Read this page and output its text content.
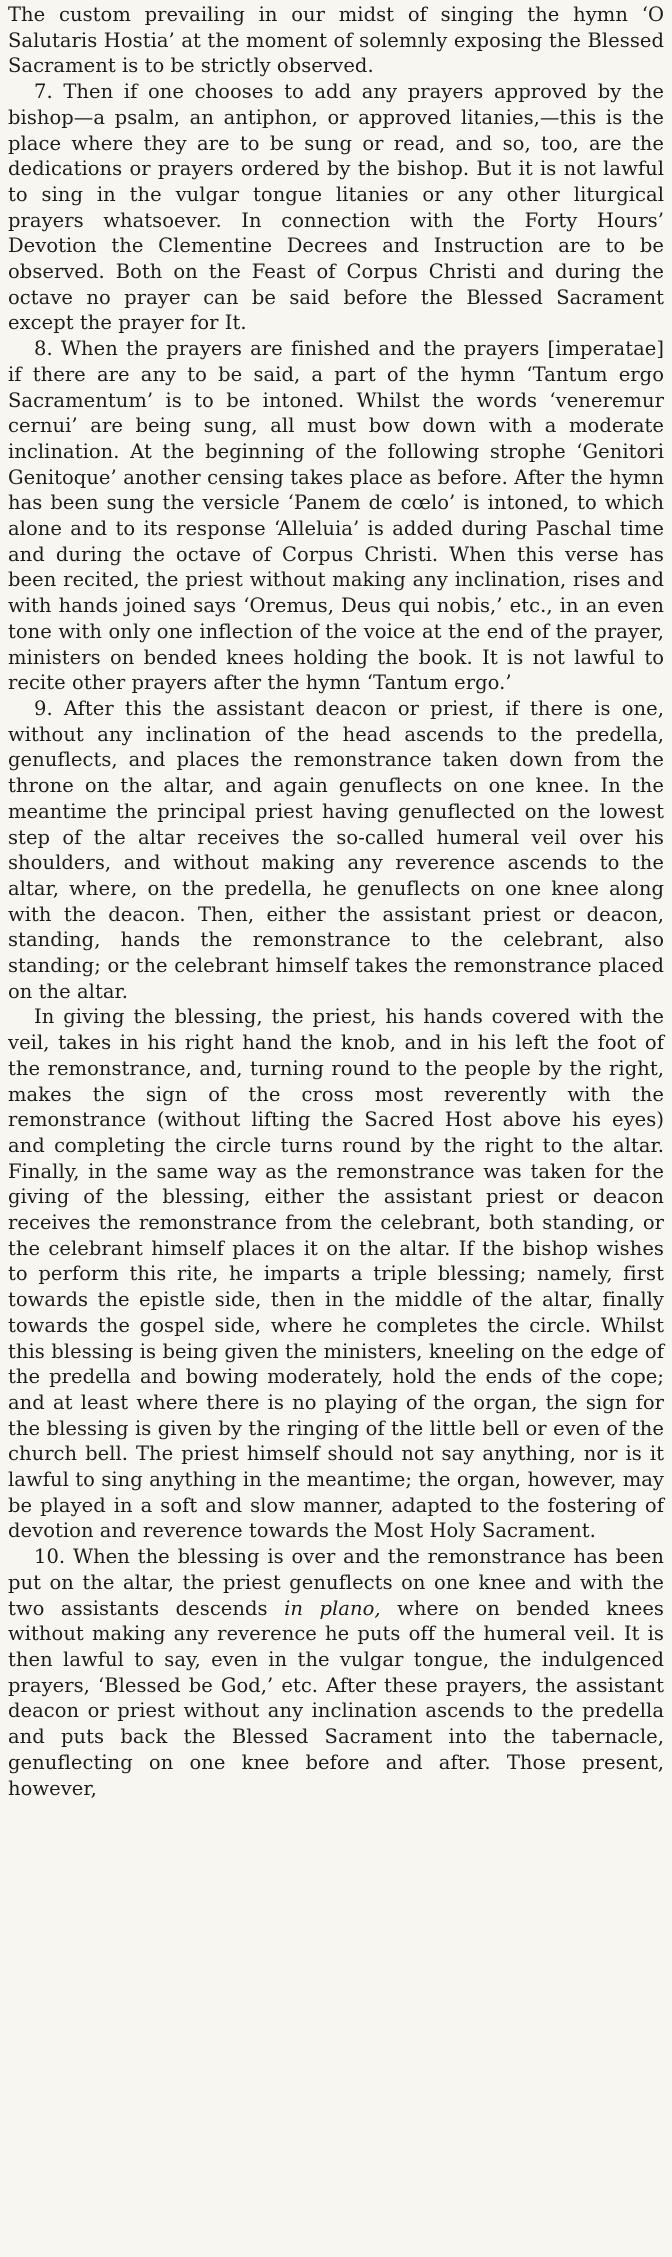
The custom prevailing in our midst of singing the hymn ‘O Salutaris Hostia’ at the moment of solemnly exposing the Blessed Sacrament is to be strictly observed.

7. Then if one chooses to add any prayers approved by the bishop—a psalm, an antiphon, or approved litanies,—this is the place where they are to be sung or read, and so, too, are the dedications or prayers ordered by the bishop. But it is not lawful to sing in the vulgar tongue litanies or any other liturgical prayers whatsoever. In connection with the Forty Hours’ Devotion the Clementine Decrees and Instruction are to be observed. Both on the Feast of Corpus Christi and during the octave no prayer can be said before the Blessed Sacrament except the prayer for It.

8. When the prayers are finished and the prayers [imperatae] if there are any to be said, a part of the hymn ‘Tantum ergo Sacramentum’ is to be intoned. Whilst the words ‘veneremur cernui’ are being sung, all must bow down with a moderate inclination. At the beginning of the following strophe ‘Genitori Genitoque’ another censing takes place as before. After the hymn has been sung the versicle ‘Panem de cœlo’ is intoned, to which alone and to its response ‘Alleluia’ is added during Paschal time and during the octave of Corpus Christi. When this verse has been recited, the priest without making any inclination, rises and with hands joined says ‘Oremus, Deus qui nobis,’ etc., in an even tone with only one inflection of the voice at the end of the prayer, ministers on bended knees holding the book. It is not lawful to recite other prayers after the hymn ‘Tantum ergo.’

9. After this the assistant deacon or priest, if there is one, without any inclination of the head ascends to the predella, genuflects, and places the remonstrance taken down from the throne on the altar, and again genuflects on one knee. In the meantime the principal priest having genuflected on the lowest step of the altar receives the so-called humeral veil over his shoulders, and without making any reverence ascends to the altar, where, on the predella, he genuflects on one knee along with the deacon. Then, either the assistant priest or deacon, standing, hands the remonstrance to the celebrant, also standing; or the celebrant himself takes the remonstrance placed on the altar.

In giving the blessing, the priest, his hands covered with the veil, takes in his right hand the knob, and in his left the foot of the remonstrance, and, turning round to the people by the right, makes the sign of the cross most reverently with the remonstrance (without lifting the Sacred Host above his eyes) and completing the circle turns round by the right to the altar. Finally, in the same way as the remonstrance was taken for the giving of the blessing, either the assistant priest or deacon receives the remonstrance from the celebrant, both standing, or the celebrant himself places it on the altar. If the bishop wishes to perform this rite, he imparts a triple blessing; namely, first towards the epistle side, then in the middle of the altar, finally towards the gospel side, where he completes the circle. Whilst this blessing is being given the ministers, kneeling on the edge of the predella and bowing moderately, hold the ends of the cope; and at least where there is no playing of the organ, the sign for the blessing is given by the ringing of the little bell or even of the church bell. The priest himself should not say anything, nor is it lawful to sing anything in the meantime; the organ, however, may be played in a soft and slow manner, adapted to the fostering of devotion and reverence towards the Most Holy Sacrament.

10. When the blessing is over and the remonstrance has been put on the altar, the priest genuflects on one knee and with the two assistants descends in plano, where on bended knees without making any reverence he puts off the humeral veil. It is then lawful to say, even in the vulgar tongue, the indulgenced prayers, ‘Blessed be God,’ etc. After these prayers, the assistant deacon or priest without any inclination ascends to the predella and puts back the Blessed Sacrament into the tabernacle, genuflecting on one knee before and after. Those present, however,
